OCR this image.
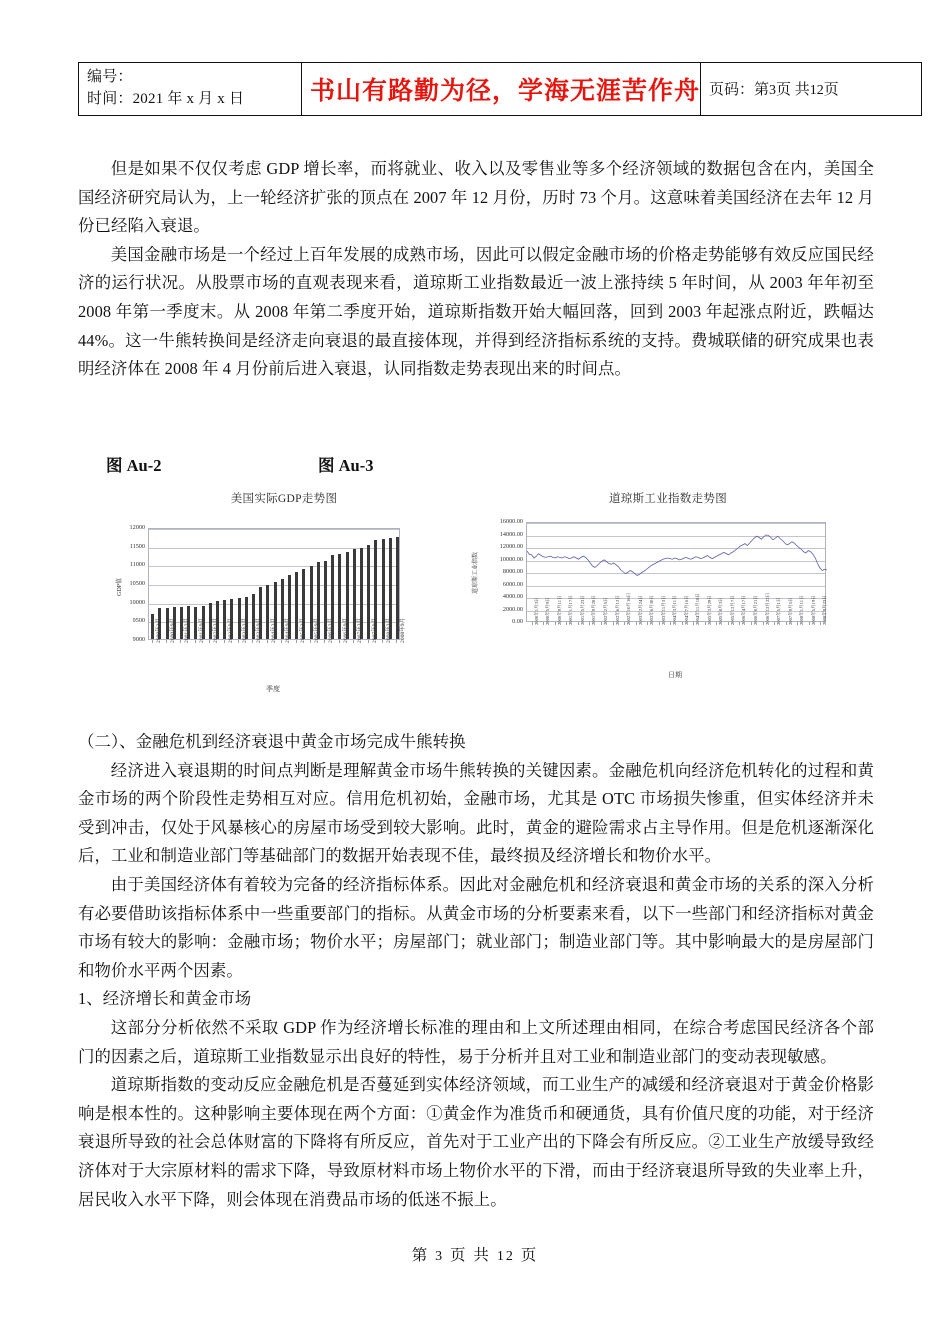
编号：
时间：2021 年 x 月 x 日	书山有路勤为径，学海无涯苦作舟	页码：第3页 共12页

但是如果不仅仅考虑 GDP 增长率，而将就业、收入以及零售业等多个经济领域的数据包含在内，美国全国经济研究局认为，上一轮经济扩张的顶点在 2007 年 12 月份，历时 73 个月。这意味着美国经济在去年 12 月份已经陷入衰退。

美国金融市场是一个经过上百年发展的成熟市场，因此可以假定金融市场的价格走势能够有效反应国民经济的运行状况。从股票市场的直观表现来看，道琼斯工业指数最近一波上涨持续 5 年时间，从 2003 年年初至 2008 年第一季度末。从 2008 年第二季度开始，道琼斯指数开始大幅回落，回到 2003 年起涨点附近，跌幅达 44%。这一牛熊转换间是经济走向衰退的最直接体现，并得到经济指标系统的支持。费城联储的研究成果也表明经济体在 2008 年 4 月份前后进入衰退，认同指数走势表现出来的时间点。

图 Au-2	图 Au-3
美国实际GDP走势图
9000
9500
10000
10500
11000
11500
12000
GDP值
2000年3月	2000年9月	2001年3月	2001年9月	2002年3月	2002年9月	2003年3月	2003年9月	2004年3月	2004年9月	2005年3月	2005年9月	2006年3月	2006年9月	2007年3月	2007年9月	2008年3月	2008年9月
季度
道琼斯工业指数走势图
0.00
2000.00
4000.00
6000.00
8000.00
10000.00
12000.00
14000.00
16000.00
道琼斯工业指数
2000年1月3日 2000年5月9日 2000年9月11日 2001年1月17日 2001年5月23日 2001年9月28日 2002年2月5日 2002年6月12日 2002年10月16日 2003年2月24日 2003年6月30日 2003年11月3日 2004年3月11日 2004年7月16日 2004年11月18日 2005年3月29日 2005年8月3日 2005年12月7日 2006年4月17日 2006年8月21日 2006年12月22日 2007年5月1日 2007年9月5日 2008年1月11日 2008年5月19日 2008年9月23日
日期

（二）、金融危机到经济衰退中黄金市场完成牛熊转换

经济进入衰退期的时间点判断是理解黄金市场牛熊转换的关键因素。金融危机向经济危机转化的过程和黄金市场的两个阶段性走势相互对应。信用危机初始，金融市场，尤其是 OTC 市场损失惨重，但实体经济并未受到冲击，仅处于风暴核心的房屋市场受到较大影响。此时，黄金的避险需求占主导作用。但是危机逐渐深化后，工业和制造业部门等基础部门的数据开始表现不佳，最终损及经济增长和物价水平。

由于美国经济体有着较为完备的经济指标体系。因此对金融危机和经济衰退和黄金市场的关系的深入分析有必要借助该指标体系中一些重要部门的指标。从黄金市场的分析要素来看，以下一些部门和经济指标对黄金市场有较大的影响：金融市场；物价水平；房屋部门；就业部门；制造业部门等。其中影响最大的是房屋部门和物价水平两个因素。

1、经济增长和黄金市场

这部分分析依然不采取 GDP 作为经济增长标准的理由和上文所述理由相同，在综合考虑国民经济各个部门的因素之后，道琼斯工业指数显示出良好的特性，易于分析并且对工业和制造业部门的变动表现敏感。

道琼斯指数的变动反应金融危机是否蔓延到实体经济领域，而工业生产的减缓和经济衰退对于黄金价格影响是根本性的。这种影响主要体现在两个方面：①黄金作为准货币和硬通货，具有价值尺度的功能，对于经济衰退所导致的社会总体财富的下降将有所反应，首先对于工业产出的下降会有所反应。②工业生产放缓导致经济体对于大宗原材料的需求下降，导致原材料市场上物价水平的下滑，而由于经济衰退所导致的失业率上升，居民收入水平下降，则会体现在消费品市场的低迷不振上。

第 3 页 共 12 页
